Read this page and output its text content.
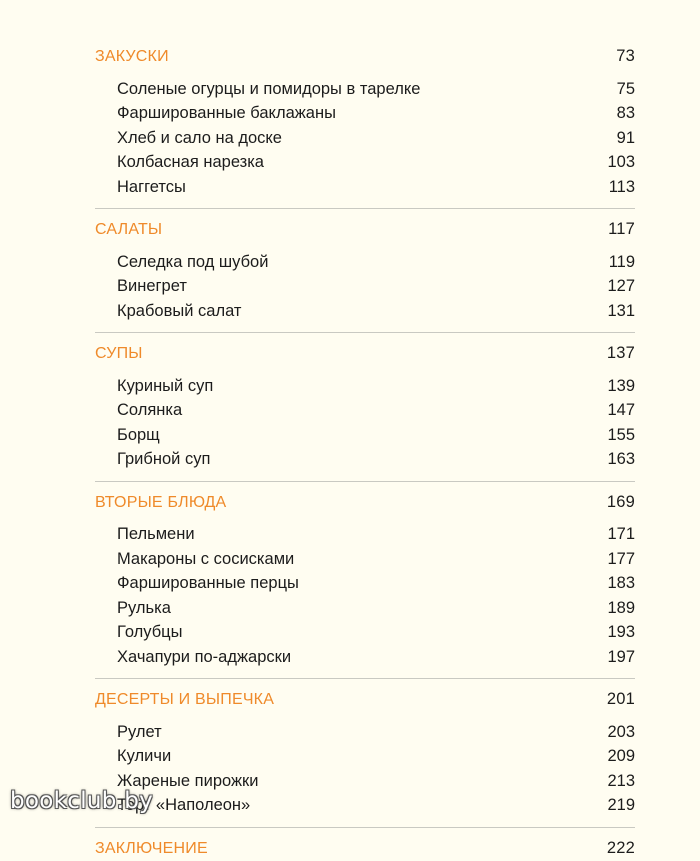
ЗАКУСКИ	73
Соленые огурцы и помидоры в тарелке	75
Фаршированные баклажаны	83
Хлеб и сало на доске	91
Колбасная нарезка	103
Наггетсы	113
САЛАТЫ	117
Селедка под шубой	119
Винегрет	127
Крабовый салат	131
СУПЫ	137
Куриный суп	139
Солянка	147
Борщ	155
Грибной суп	163
ВТОРЫЕ БЛЮДА	169
Пельмени	171
Макароны с сосисками	177
Фаршированные перцы	183
Рулька	189
Голубцы	193
Хачапури по-аджарски	197
ДЕСЕРТЫ И ВЫПЕЧКА	201
Рулет	203
Куличи	209
Жареные пирожки	213
Торт «Наполеон»	219
ЗАКЛЮЧЕНИЕ	222
bookclub.by
